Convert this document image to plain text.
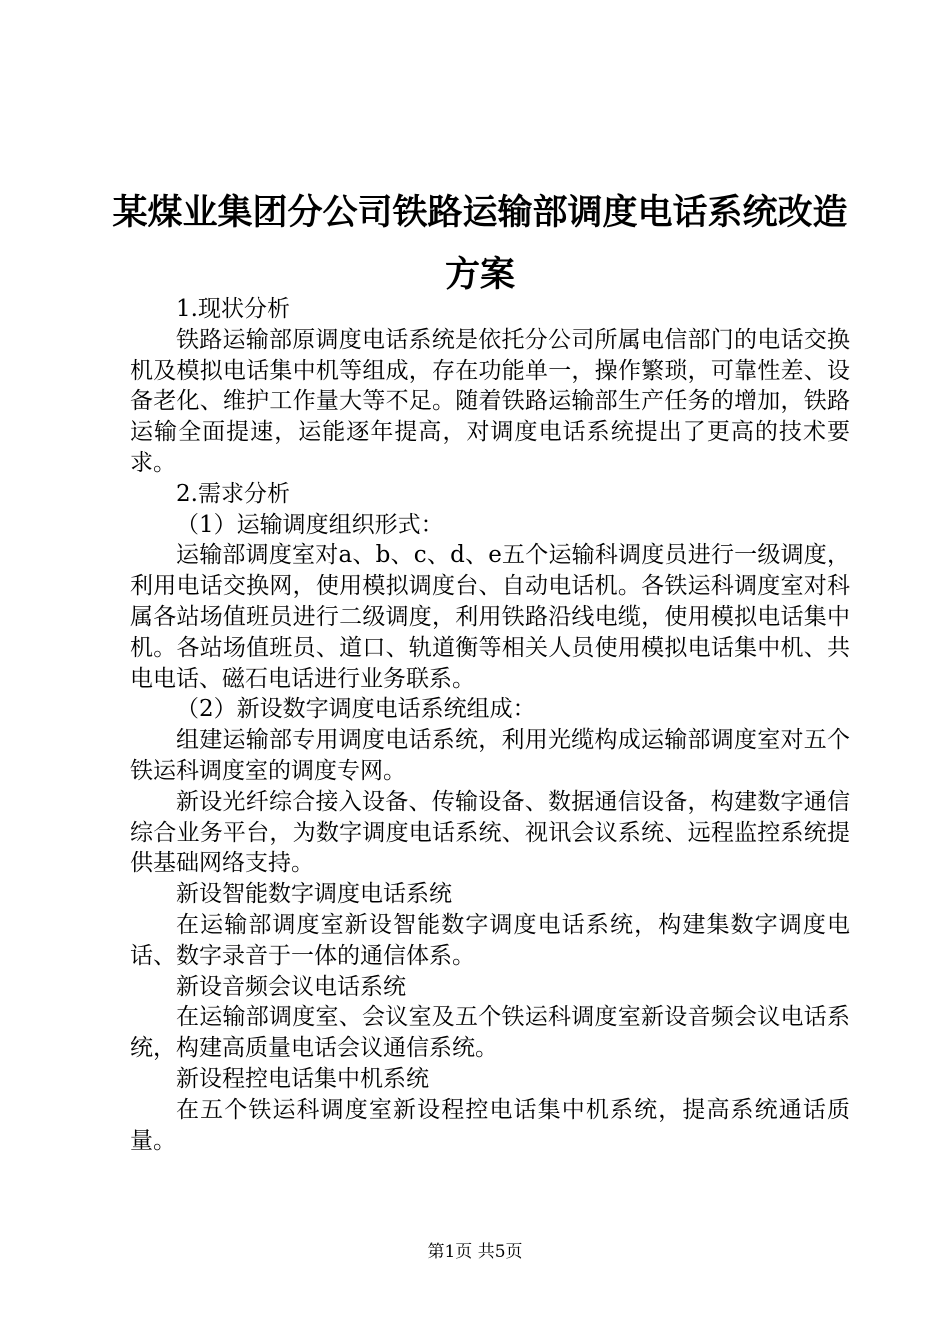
某煤业集团分公司铁路运输部调度电话系统改造方案

1.现状分析

铁路运输部原调度电话系统是依托分公司所属电信部门的电话交换机及模拟电话集中机等组成，存在功能单一，操作繁琐，可靠性差、设备老化、维护工作量大等不足。随着铁路运输部生产任务的增加，铁路运输全面提速，运能逐年提高，对调度电话系统提出了更高的技术要求。

2.需求分析

（1）运输调度组织形式：

运输部调度室对a、b、c、d、e五个运输科调度员进行一级调度，利用电话交换网，使用模拟调度台、自动电话机。各铁运科调度室对科属各站场值班员进行二级调度，利用铁路沿线电缆，使用模拟电话集中机。各站场值班员、道口、轨道衡等相关人员使用模拟电话集中机、共电电话、磁石电话进行业务联系。

（2）新设数字调度电话系统组成：

组建运输部专用调度电话系统，利用光缆构成运输部调度室对五个铁运科调度室的调度专网。

新设光纤综合接入设备、传输设备、数据通信设备，构建数字通信综合业务平台，为数字调度电话系统、视讯会议系统、远程监控系统提供基础网络支持。

新设智能数字调度电话系统

在运输部调度室新设智能数字调度电话系统，构建集数字调度电话、数字录音于一体的通信体系。

新设音频会议电话系统

在运输部调度室、会议室及五个铁运科调度室新设音频会议电话系统，构建高质量电话会议通信系统。

新设程控电话集中机系统

在五个铁运科调度室新设程控电话集中机系统，提高系统通话质量。

第1页 共5页
